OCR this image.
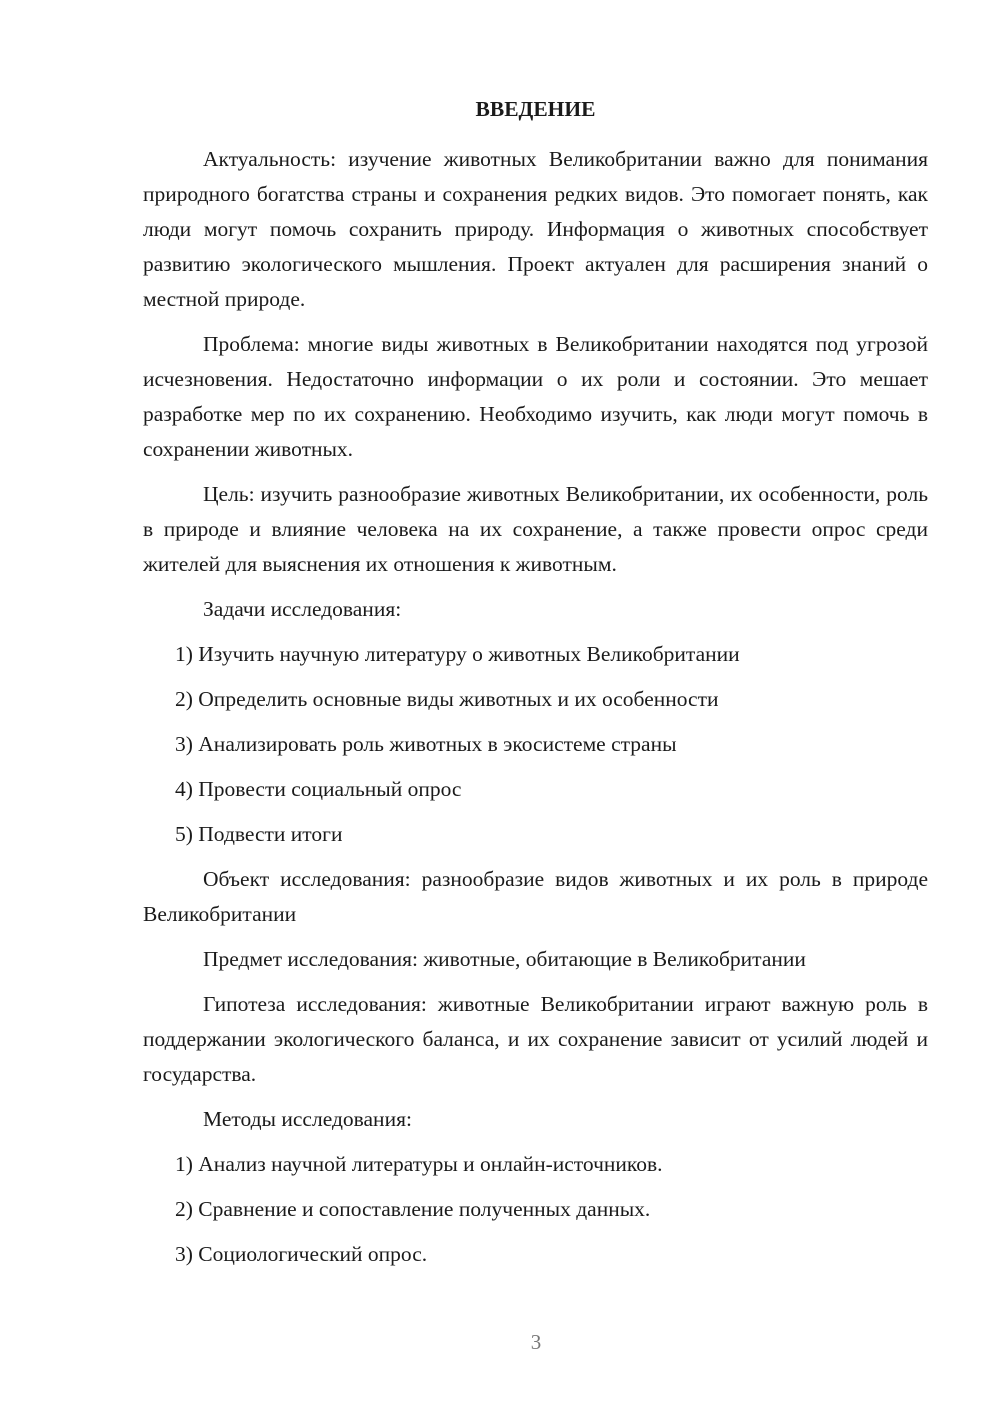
ВВЕДЕНИЕ

Актуальность: изучение животных Великобритании важно для понимания природного богатства страны и сохранения редких видов. Это помогает понять, как люди могут помочь сохранить природу. Информация о животных способствует развитию экологического мышления. Проект актуален для расширения знаний о местной природе.

Проблема: многие виды животных в Великобритании находятся под угрозой исчезновения. Недостаточно информации о их роли и состоянии. Это мешает разработке мер по их сохранению. Необходимо изучить, как люди могут помочь в сохранении животных.

Цель: изучить разнообразие животных Великобритании, их особенности, роль в природе и влияние человека на их сохранение, а также провести опрос среди жителей для выяснения их отношения к животным.

Задачи исследования:

1) Изучить научную литературу о животных Великобритании
2) Определить основные виды животных и их особенности
3) Анализировать роль животных в экосистеме страны
4) Провести социальный опрос
5) Подвести итоги

Объект исследования: разнообразие видов животных и их роль в природе Великобритании

Предмет исследования: животные, обитающие в Великобритании

Гипотеза исследования: животные Великобритании играют важную роль в поддержании экологического баланса, и их сохранение зависит от усилий людей и государства.

Методы исследования:

1) Анализ научной литературы и онлайн-источников.
2) Сравнение и сопоставление полученных данных.
3) Социологический опрос.
3
